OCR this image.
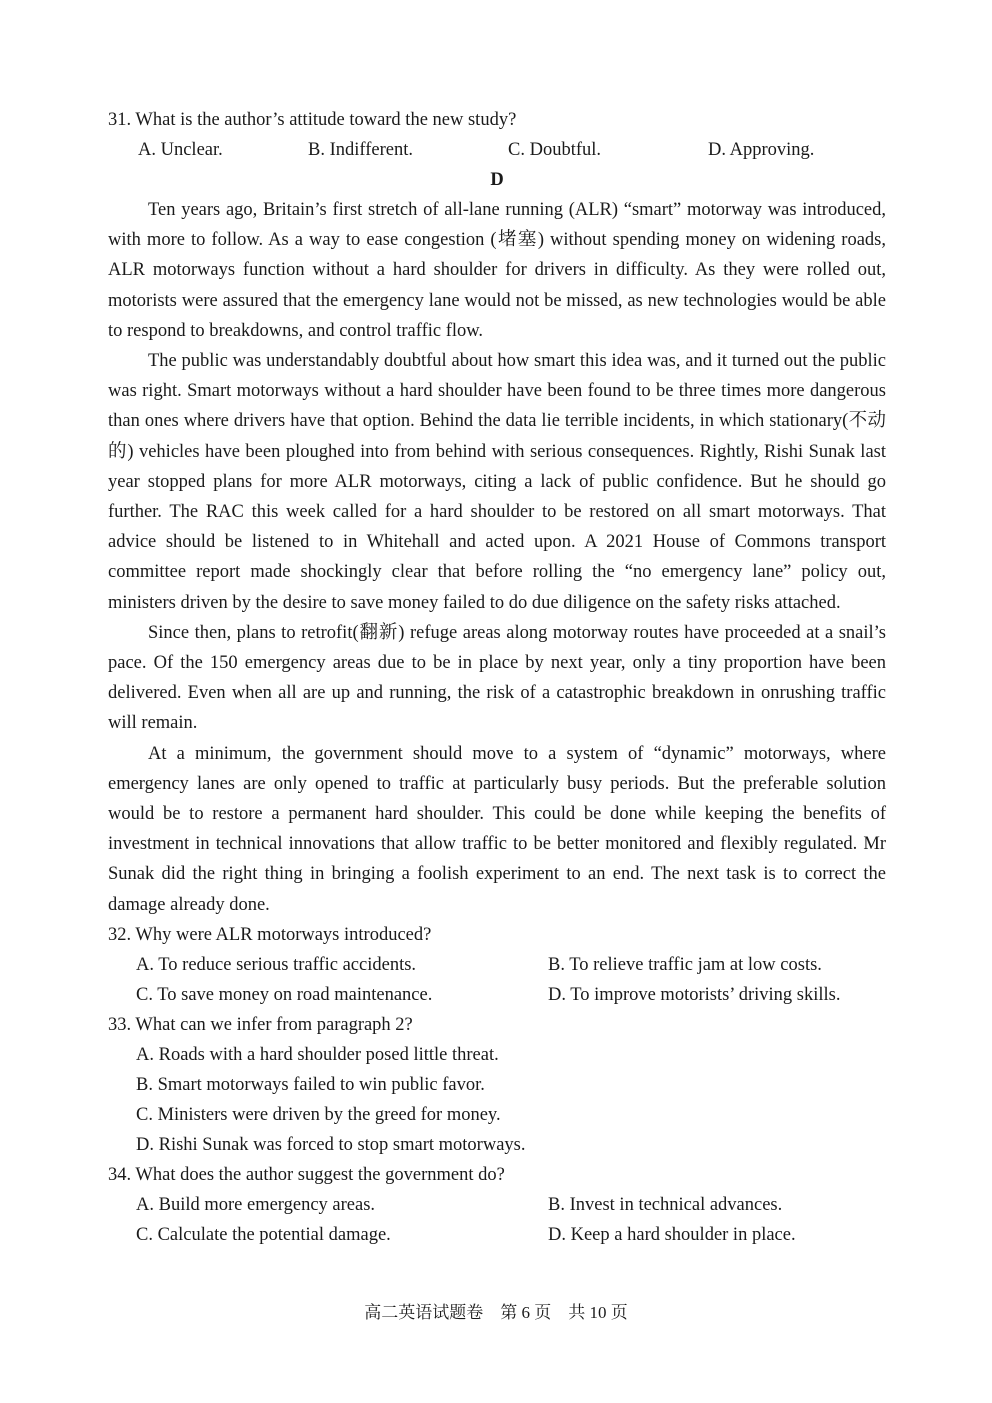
31. What is the author’s attitude toward the new study?
A. Unclear.	B. Indifferent.	C. Doubtful.	D. Approving.
D

Ten years ago, Britain’s first stretch of all-lane running (ALR) “smart” motorway was introduced, with more to follow. As a way to ease congestion (堵塞) without spending money on widening roads, ALR motorways function without a hard shoulder for drivers in difficulty. As they were rolled out, motorists were assured that the emergency lane would not be missed, as new technologies would be able to respond to breakdowns, and control traffic flow.

The public was understandably doubtful about how smart this idea was, and it turned out the public was right. Smart motorways without a hard shoulder have been found to be three times more dangerous than ones where drivers have that option. Behind the data lie terrible incidents, in which stationary(不动的) vehicles have been ploughed into from behind with serious consequences. Rightly, Rishi Sunak last year stopped plans for more ALR motorways, citing a lack of public confidence. But he should go further. The RAC this week called for a hard shoulder to be restored on all smart motorways. That advice should be listened to in Whitehall and acted upon. A 2021 House of Commons transport committee report made shockingly clear that before rolling the “no emergency lane” policy out, ministers driven by the desire to save money failed to do due diligence on the safety risks attached.

Since then, plans to retrofit(翻新) refuge areas along motorway routes have proceeded at a snail’s pace. Of the 150 emergency areas due to be in place by next year, only a tiny proportion have been delivered. Even when all are up and running, the risk of a catastrophic breakdown in onrushing traffic will remain.

At a minimum, the government should move to a system of “dynamic” motorways, where emergency lanes are only opened to traffic at particularly busy periods. But the preferable solution would be to restore a permanent hard shoulder. This could be done while keeping the benefits of investment in technical innovations that allow traffic to be better monitored and flexibly regulated. Mr Sunak did the right thing in bringing a foolish experiment to an end. The next task is to correct the damage already done.

32. Why were ALR motorways introduced?
A. To reduce serious traffic accidents.	B. To relieve traffic jam at low costs.
C. To save money on road maintenance.	D. To improve motorists’ driving skills.
33. What can we infer from paragraph 2?
A. Roads with a hard shoulder posed little threat.
B. Smart motorways failed to win public favor.
C. Ministers were driven by the greed for money.
D. Rishi Sunak was forced to stop smart motorways.
34. What does the author suggest the government do?
A. Build more emergency areas.	B. Invest in technical advances.
C. Calculate the potential damage.	D. Keep a hard shoulder in place.
高二英语试题卷　第 6 页　共 10 页
